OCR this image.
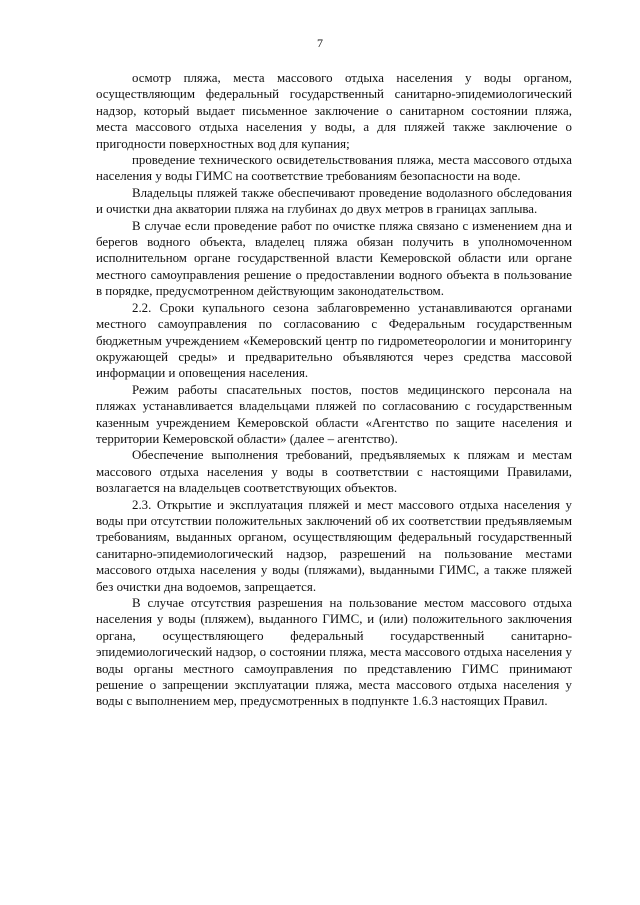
7

осмотр пляжа, места массового отдыха населения у воды органом, осуществляющим федеральный государственный санитарно-эпидемиологический надзор, который выдает письменное заключение о санитарном состоянии пляжа, места массового отдыха населения у воды, а для пляжей также заключение о пригодности поверхностных вод для купания;

проведение технического освидетельствования пляжа, места массового отдыха населения у воды ГИМС на соответствие требованиям безопасности на воде.

Владельцы пляжей также обеспечивают проведение водолазного обследования и очистки дна акватории пляжа на глубинах до двух метров в границах заплыва.

В случае если проведение работ по очистке пляжа связано с изменением дна и берегов водного объекта, владелец пляжа обязан получить в уполномоченном исполнительном органе государственной власти Кемеровской области или органе местного самоуправления решение о предоставлении водного объекта в пользование в порядке, предусмотренном действующим законодательством.

2.2. Сроки купального сезона заблаговременно устанавливаются органами местного самоуправления по согласованию с Федеральным государственным бюджетным учреждением «Кемеровский центр по гидрометеорологии и мониторингу окружающей среды» и предварительно объявляются через средства массовой информации и оповещения населения.

Режим работы спасательных постов, постов медицинского персонала на пляжах устанавливается владельцами пляжей по согласованию с государственным казенным учреждением Кемеровской области «Агентство по защите населения и территории Кемеровской области» (далее – агентство).

Обеспечение выполнения требований, предъявляемых к пляжам и местам массового отдыха населения у воды в соответствии с настоящими Правилами, возлагается на владельцев соответствующих объектов.

2.3. Открытие и эксплуатация пляжей и мест массового отдыха населения у воды при отсутствии положительных заключений об их соответствии предъявляемым требованиям, выданных органом, осуществляющим федеральный государственный санитарно-эпидемиологический надзор, разрешений на пользование местами массового отдыха населения у воды (пляжами), выданными ГИМС, а также пляжей без очистки дна водоемов, запрещается.

В случае отсутствия разрешения на пользование местом массового отдыха населения у воды (пляжем), выданного ГИМС, и (или) положительного заключения органа, осуществляющего федеральный государственный санитарно-эпидемиологический надзор, о состоянии пляжа, места массового отдыха населения у воды органы местного самоуправления по представлению ГИМС принимают решение о запрещении эксплуатации пляжа, места массового отдыха населения у воды с выполнением мер, предусмотренных в подпункте 1.6.3 настоящих Правил.
